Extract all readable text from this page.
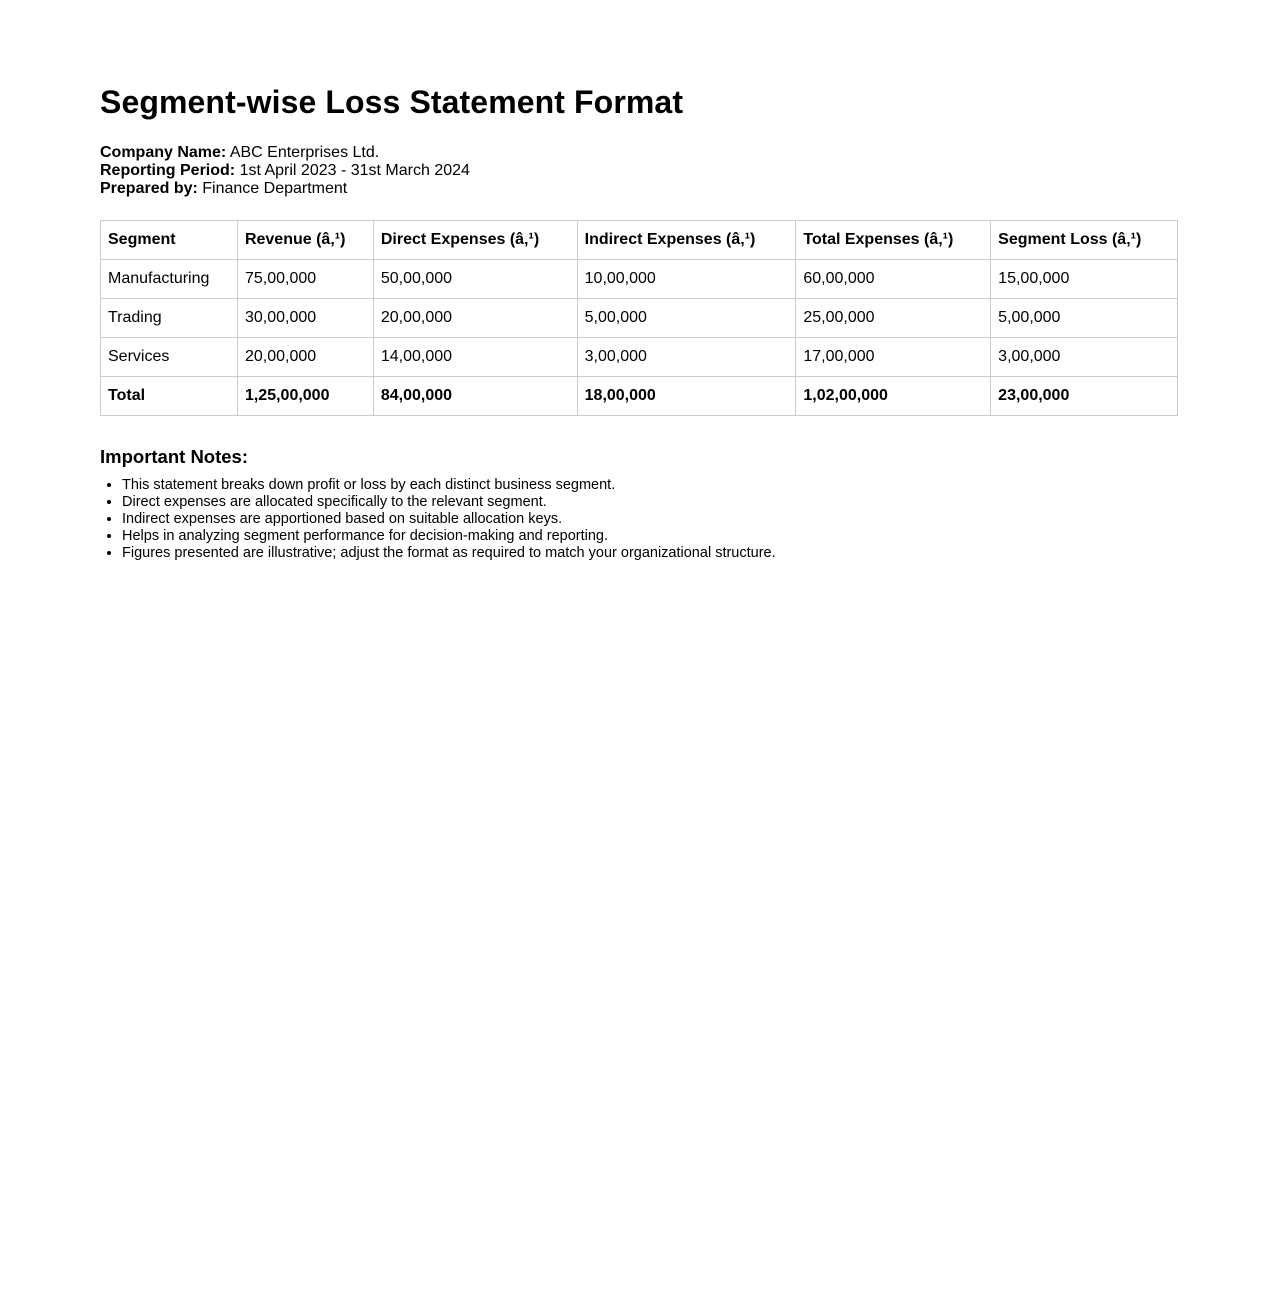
Segment-wise Loss Statement Format
Company Name: ABC Enterprises Ltd.
Reporting Period: 1st April 2023 - 31st March 2024
Prepared by: Finance Department
Segment	Revenue (â‚¹)	Direct Expenses (â‚¹)	Indirect Expenses (â‚¹)	Total Expenses (â‚¹)	Segment Loss (â‚¹)
Manufacturing	75,00,000	50,00,000	10,00,000	60,00,000	15,00,000
Trading	30,00,000	20,00,000	5,00,000	25,00,000	5,00,000
Services	20,00,000	14,00,000	3,00,000	17,00,000	3,00,000
Total	1,25,00,000	84,00,000	18,00,000	1,02,00,000	23,00,000
Important Notes:
• This statement breaks down profit or loss by each distinct business segment.
• Direct expenses are allocated specifically to the relevant segment.
• Indirect expenses are apportioned based on suitable allocation keys.
• Helps in analyzing segment performance for decision-making and reporting.
• Figures presented are illustrative; adjust the format as required to match your organizational structure.
